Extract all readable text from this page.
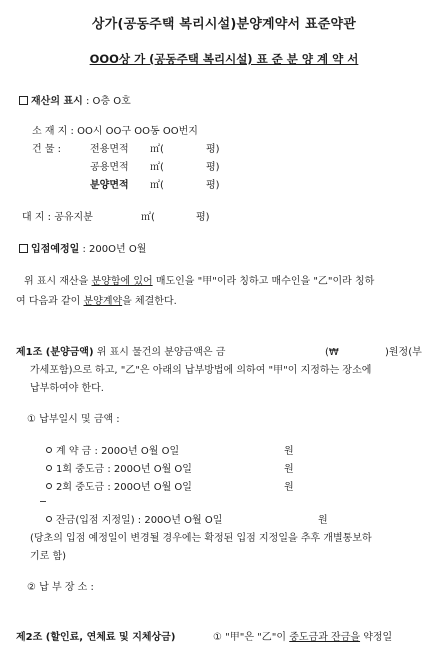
상가(공동주택 복리시설)분양계약서 표준약관
OOO상 가 (공동주택 복리시설) 표 준 분 양 계 약 서
재산의 표시 : O층 O호
소 재 지 : OO시 OO구 OO동 OO번지
건 물 :	전용면적 ㎡(	평)
공용면적 ㎡(	평)
분양면적 ㎡(	평)
대 지 : 공유지분	㎡(	평)
입점예정일 : 200O년 O월
위 표시 재산을 분양함에 있어 매도인을 "甲"이라 칭하고 매수인을 "乙"이라 칭하
여 다음과 같이 분양계약을 체결한다.
제1조 (분양금액) 위 표시 물건의 분양금액은 금	(₩	)원정(부
가세포함)으로 하고, "乙"은 아래의 납부방법에 의하여 "甲"이 지정하는 장소에
납부하여야 한다.
① 납부일시 및 금액 :
계 약 금 : 200O년 O월 O일	원
1회 중도금 : 200O년 O월 O일	원
2회 중도금 : 200O년 O월 O일	원
잔금(입점 지정일) : 200O년 O월 O일	원
(당초의 입점 예정일이 변경될 경우에는 확정된 입점 지정일을 추후 개별통보하
기로 함)
② 납 부 장 소 :
제2조 (할인료, 연체료 및 지체상금)	① "甲"은 "乙"이 중도금과 잔금을 약정일
